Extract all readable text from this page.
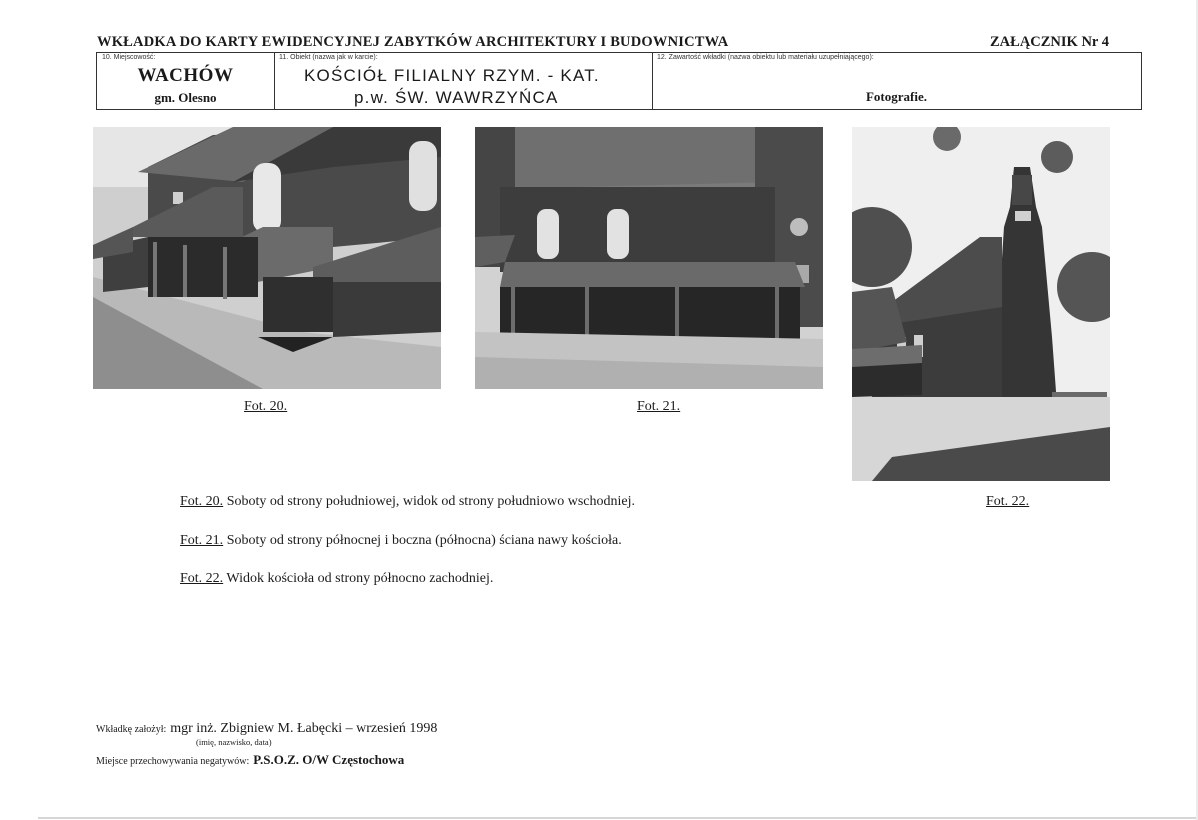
WKŁADKA DO KARTY EWIDENCYJNEJ ZABYTKÓW ARCHITEKTURY I BUDOWNICTWA	ZAŁĄCZNIK Nr 4
10. Miejscowość:
WACHÓW
gm. Olesno
11. Obiekt (nazwa jak w karcie):
KOŚCIÓŁ FILIALNY RZYM. - KAT.
p.w. ŚW. WAWRZYŃCA
12. Zawartość wkładki (nazwa obiektu lub materiału uzupełniającego):
Fotografie.
Fot. 20.	Fot. 21.
Fot. 22.
Fot. 20. Soboty od strony południowej, widok od strony południowo wschodniej.
Fot. 21. Soboty od strony północnej i boczna (północna) ściana nawy kościoła.
Fot. 22. Widok kościoła od strony północno zachodniej.
Wkładkę założył: mgr inż. Zbigniew M. Łabęcki – wrzesień 1998
(imię, nazwisko, data)
Miejsce przechowywania negatywów: P.S.O.Z. O/W Częstochowa
